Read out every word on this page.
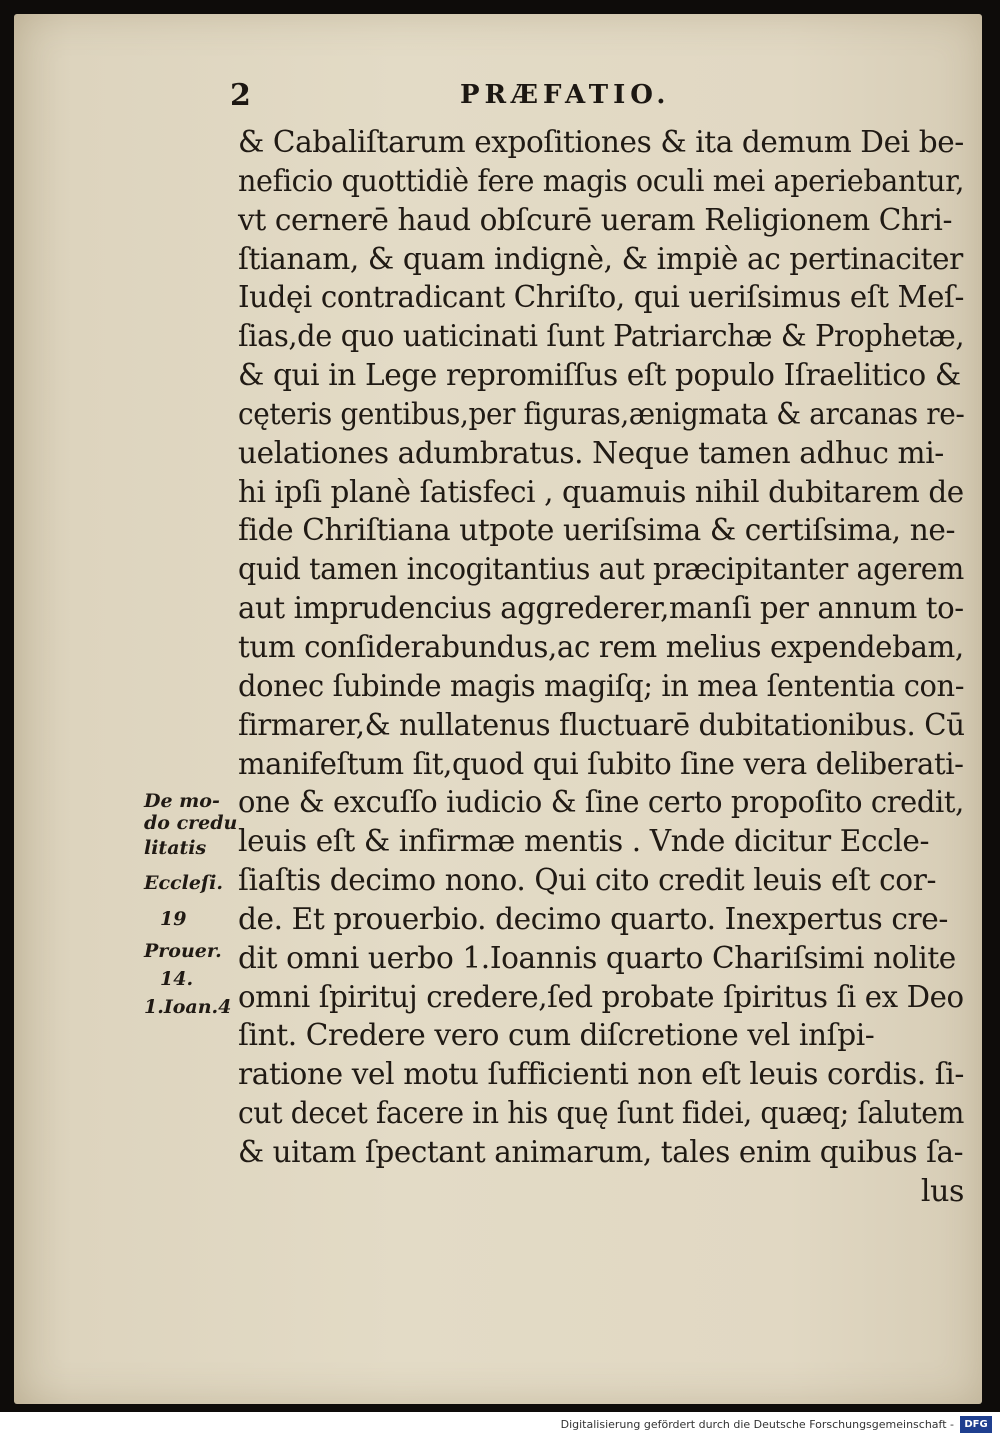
2	PRÆFATIO.
& Cabaliſtarum expoſitiones & ita demum Dei be-
neficio quottidiè fere magis oculi mei aperiebantur,
vt cernerē haud obſcurē ueram Religionem Chri-
ſtianam, & quam indignè, & impiè ac pertinaciter
Iudęi contradicant Chriſto, qui ueriſsimus eſt Meſ-
ſias,de quo uaticinati ſunt Patriarchæ & Prophetæ,
& qui in Lege repromiſſus eſt populo Iſraelitico &
cęteris gentibus,per figuras,ænigmata & arcanas re-
uelationes adumbratus. Neque tamen adhuc mi-
hi ipſi planè ſatisfeci , quamuis nihil dubitarem de
fide Chriſtiana utpote ueriſsima & certiſsima, ne-
quid tamen incogitantius aut præcipitanter agerem
aut imprudencius aggrederer,manſi per annum to-
tum conſiderabundus,ac rem melius expendebam,
donec ſubinde magis magiſq; in mea ſententia con-
firmarer,& nullatenus fluctuarē dubitationibus. Cū
manifeſtum ſit,quod qui ſubito ſine vera deliberati-
one & excuſſo iudicio & ſine certo propoſito credit,
leuis eſt & infirmæ mentis . Vnde dicitur Eccle-
ſiaſtis decimo nono. Qui cito credit leuis eſt cor-
de. Et prouerbio. decimo quarto. Inexpertus cre-
dit omni uerbo 1.Ioannis quarto Chariſsimi nolite
omni ſpirituj credere,ſed probate ſpiritus ſi ex Deo
ſint. Credere vero cum diſcretione vel inſpi-
ratione vel motu ſufficienti non eſt leuis cordis. ſi-
cut decet facere in his quę ſunt fidei, quæq; ſalutem
& uitam ſpectant animarum, tales enim quibus ſa-
lus
De mo-
do credu
litatis
Eccleſi.
19
Prouer.
14.
1.Ioan.4
Digitalisierung gefördert durch die Deutsche Forschungsgemeinschaft -	DFG
